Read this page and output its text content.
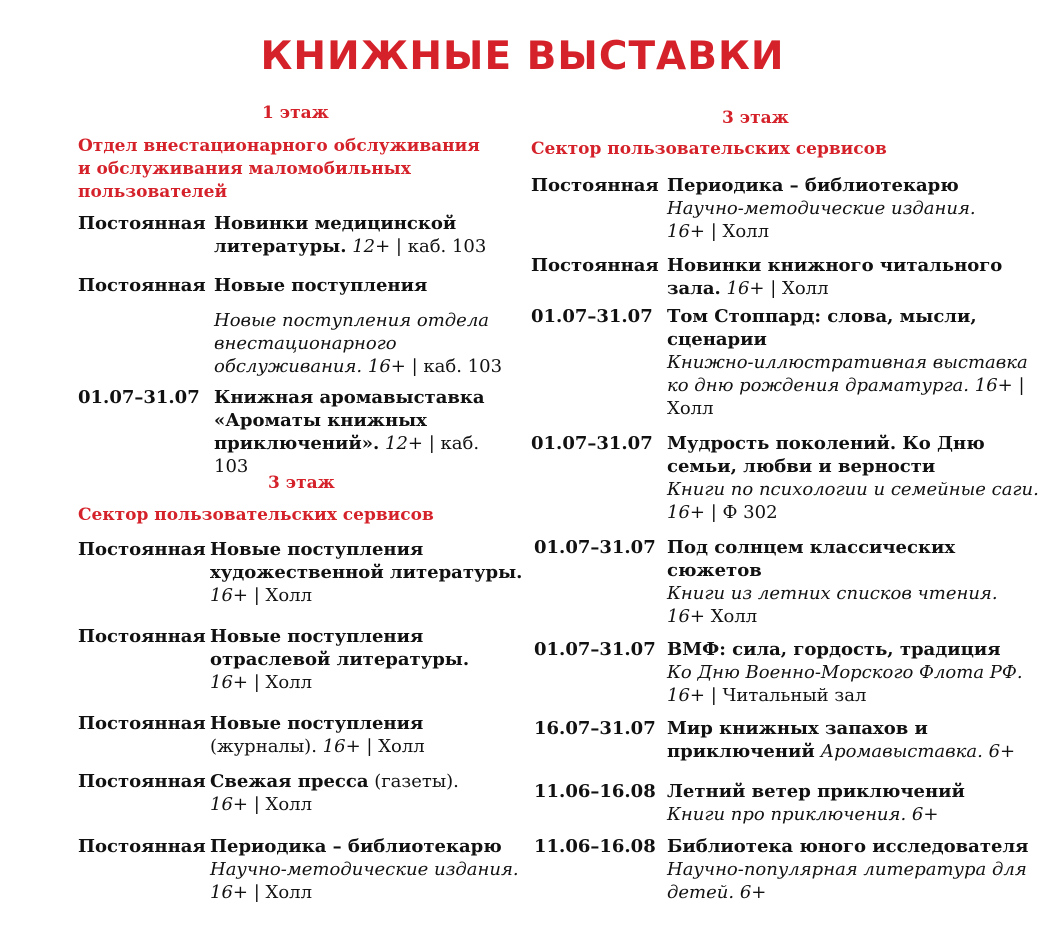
КНИЖНЫЕ ВЫСТАВКИ
1 этаж
Отдел внестационарного обслуживания
и обслуживания маломобильных
пользователей
Постоянная Новинки медицинской
литературы. 12+ | каб. 103
Постоянная Новые поступления
Новые поступления отдела
внестационарного
обслуживания. 16+ | каб. 103
01.07–31.07 Книжная аромавыставка
«Ароматы книжных
приключений». 12+ | каб. 103
3 этаж
Сектор пользовательских сервисов
Постоянная Новые поступления
художественной литературы.
16+ | Холл
Постоянная Новые поступления
отраслевой литературы.
16+ | Холл
Постоянная Новые поступления
(журналы). 16+ | Холл
Постоянная Свежая пресса (газеты).
16+ | Холл
Постоянная Периодика – библиотекарю
Научно-методические издания.
16+ | Холл
3 этаж
Сектор пользовательских сервисов
Постоянная Периодика – библиотекарю
Научно-методические издания.
16+ | Холл
Постоянная Новинки книжного читального
зала. 16+ | Холл
01.07–31.07 Том Стоппард: слова, мысли,
сценарии
Книжно-иллюстративная выставка
ко дню рождения драматурга. 16+ |
Холл
01.07–31.07 Мудрость поколений. Ко Дню
семьи, любви и верности
Книги по психологии и семейные саги.
16+ | Ф 302
01.07–31.07 Под солнцем классических
сюжетов
Книги из летних списков чтения.
16+ Холл
01.07–31.07 ВМФ: сила, гордость, традиция
Ко Дню Военно-Морского Флота РФ.
16+ | Читальный зал
16.07–31.07 Мир книжных запахов и
приключений Аромавыставка. 6+
11.06–16.08 Летний ветер приключений
Книги про приключения. 6+
11.06–16.08 Библиотека юного исследователя
Научно-популярная литература для
детей. 6+
